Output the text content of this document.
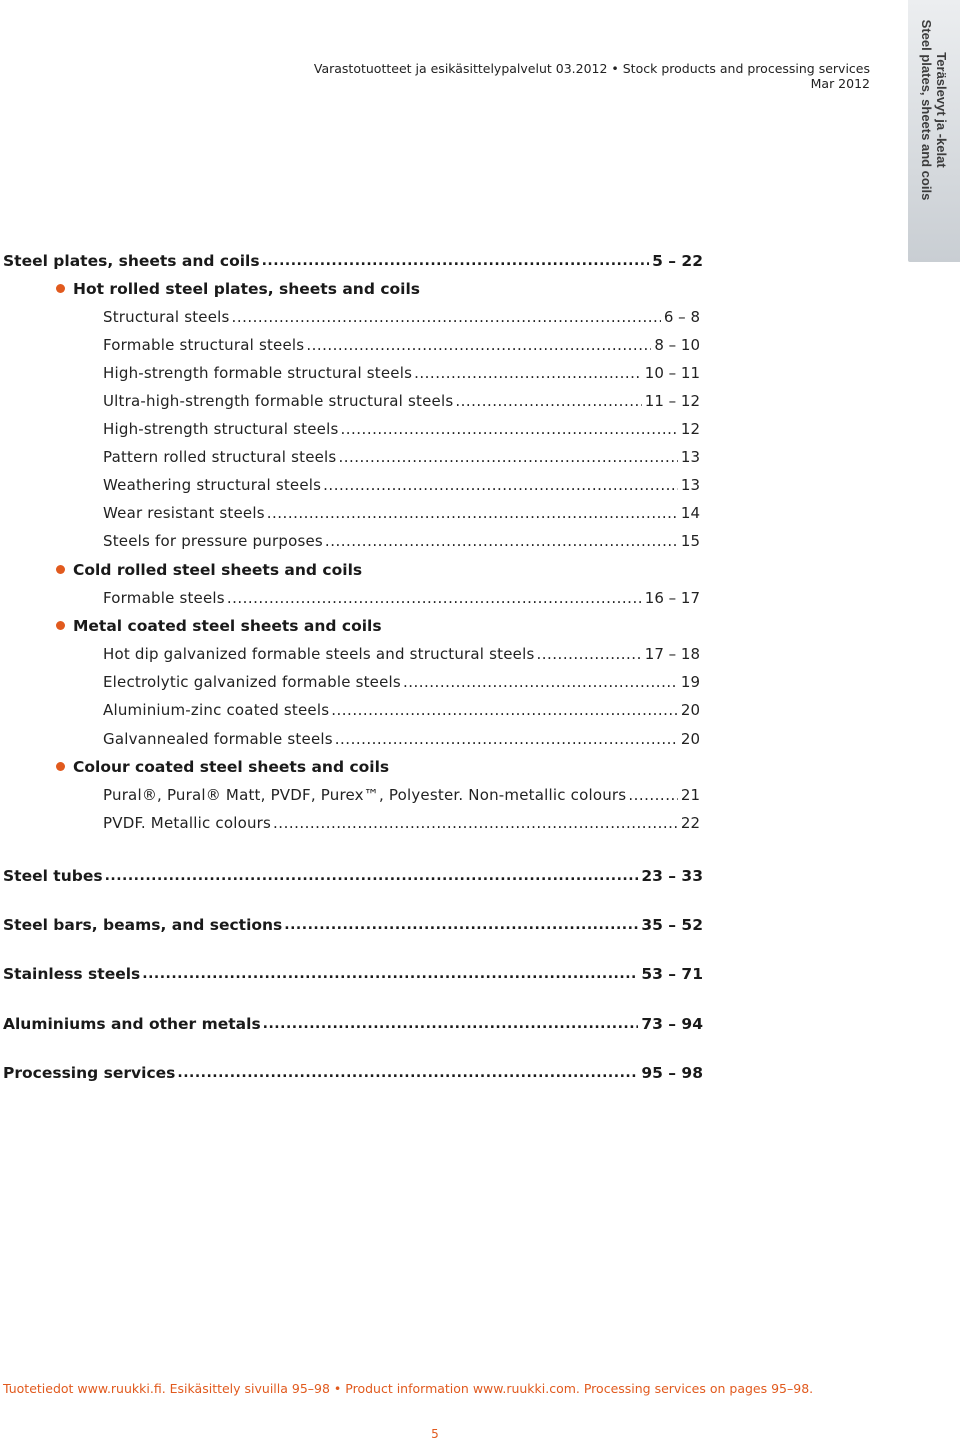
Varastotuotteet ja esikäsittelypalvelut 03.2012 • Stock products and processing services Mar 2012	Teräslevyt ja -kelat
Steel plates, sheets and coils
Steel plates, sheets and coils .....	5 – 22
Hot rolled steel plates, sheets and coils
Structural steels .....	6 – 8
Formable structural steels .....	8 – 10
High-strength formable structural steels .....	10 – 11
Ultra-high-strength formable structural steels .....	11 – 12
High-strength structural steels .....	12
Pattern rolled structural steels .....	13
Weathering structural steels .....	13
Wear resistant steels .....	14
Steels for pressure purposes .....	15
Cold rolled steel sheets and coils
Formable steels .....	16 – 17
Metal coated steel sheets and coils
Hot dip galvanized formable steels and structural steels .....	17 – 18
Electrolytic galvanized formable steels .....	19
Aluminium-zinc coated steels .....	20
Galvannealed formable steels .....	20
Colour coated steel sheets and coils
Pural®, Pural® Matt, PVDF, Purex™, Polyester. Non-metallic colours .....	21
PVDF. Metallic colours .....	22
Steel tubes .....	23 – 33
Steel bars, beams, and sections .....	35 – 52
Stainless steels .....	53 – 71
Aluminiums and other metals .....	73 – 94
Processing services .....	95 – 98
Tuotetiedot www.ruukki.fi. Esikäsittely sivuilla 95–98 • Product information www.ruukki.com. Processing services on pages 95–98.
5
